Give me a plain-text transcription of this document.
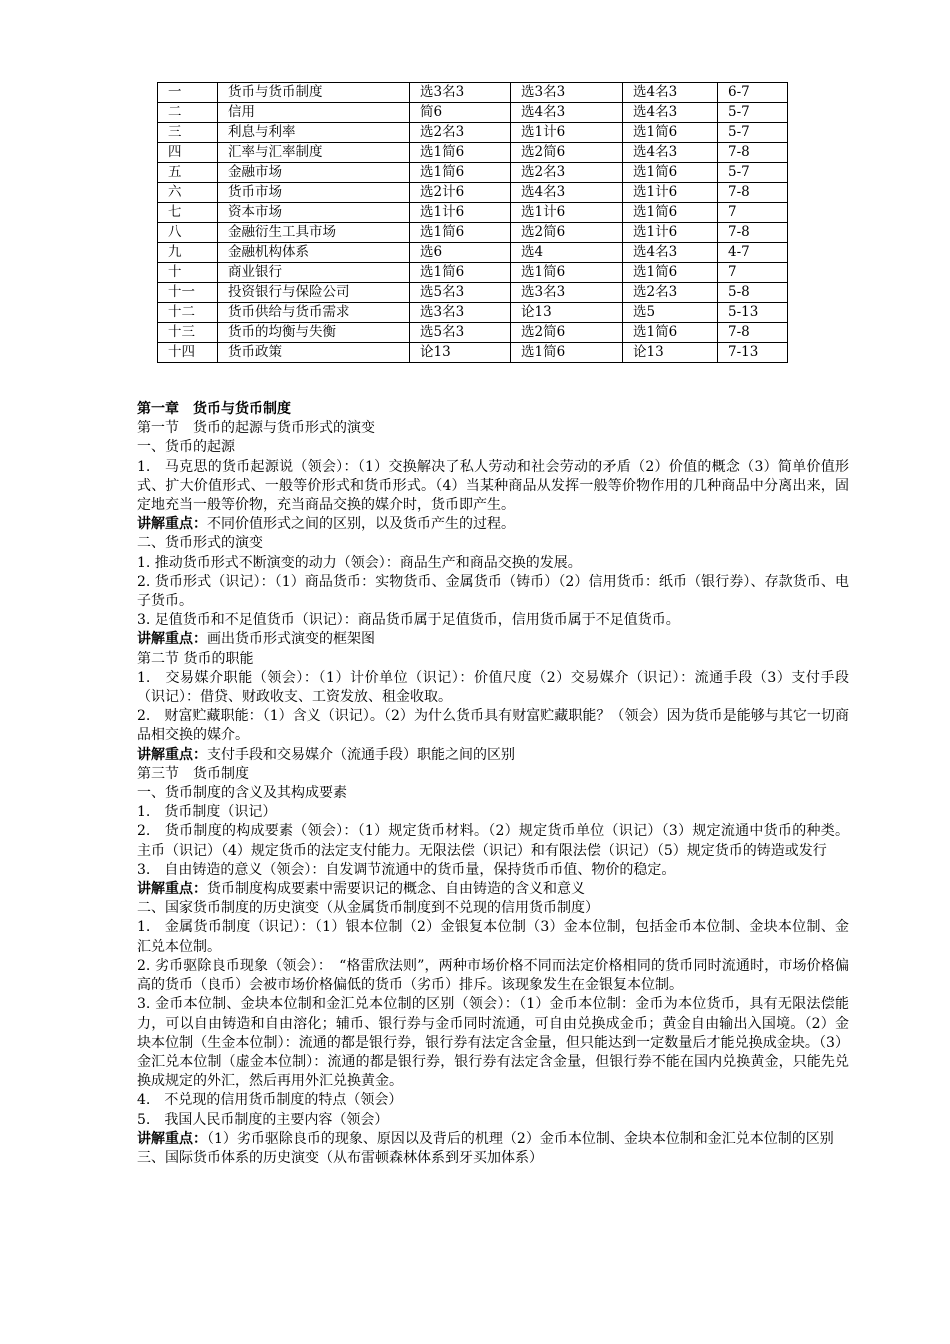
一	货币与货币制度	选3名3	选3名3	选4名3	6-7
二	信用	简6	选4名3	选4名3	5-7
三	利息与利率	选2名3	选1计6	选1简6	5-7
四	汇率与汇率制度	选1简6	选2简6	选4名3	7-8
五	金融市场	选1简6	选2名3	选1简6	5-7
六	货币市场	选2计6	选4名3	选1计6	7-8
七	资本市场	选1计6	选1计6	选1简6	7
八	金融衍生工具市场	选1简6	选2简6	选1计6	7-8
九	金融机构体系	选6	选4	选4名3	4-7
十	商业银行	选1简6	选1简6	选1简6	7
十一	投资银行与保险公司	选5名3	选3名3	选2名3	5-8
十二	货币供给与货币需求	选3名3	论13	选5	5-13
十三	货币的均衡与失衡	选5名3	选2简6	选1简6	7-8
十四	货币政策	论13	选1简6	论13	7-13

第一章　货币与货币制度

第一节　货币的起源与货币形式的演变

一、货币的起源

1.　马克思的货币起源说（领会）：（1）交换解决了私人劳动和社会劳动的矛盾（2）价值的概念（3）简单价值形式、扩大价值形式、一般等价形式和货币形式。（4）当某种商品从发挥一般等价物作用的几种商品中分离出来，固定地充当一般等价物，充当商品交换的媒介时，货币即产生。

讲解重点：不同价值形式之间的区别，以及货币产生的过程。

二、货币形式的演变

1. 推动货币形式不断演变的动力（领会）：商品生产和商品交换的发展。

2. 货币形式（识记）：（1）商品货币：实物货币、金属货币（铸币）（2）信用货币：纸币（银行券）、存款货币、电子货币。

3. 足值货币和不足值货币（识记）：商品货币属于足值货币，信用货币属于不足值货币。

讲解重点：画出货币形式演变的框架图

第二节 货币的职能

1.　交易媒介职能（领会）：（1）计价单位（识记）：价值尺度（2）交易媒介（识记）：流通手段（3）支付手段（识记）：借贷、财政收支、工资发放、租金收取。

2.　财富贮藏职能：（1）含义（识记）。（2）为什么货币具有财富贮藏职能？（领会）因为货币是能够与其它一切商品相交换的媒介。

讲解重点：支付手段和交易媒介（流通手段）职能之间的区别

第三节　货币制度

一、货币制度的含义及其构成要素

1.　货币制度（识记）

2.　货币制度的构成要素（领会）：（1）规定货币材料。（2）规定货币单位（识记）（3）规定流通中货币的种类。主币（识记）（4）规定货币的法定支付能力。无限法偿（识记）和有限法偿（识记）（5）规定货币的铸造或发行

3.　自由铸造的意义（领会）：自发调节流通中的货币量，保持货币币值、物价的稳定。

讲解重点：货币制度构成要素中需要识记的概念、自由铸造的含义和意义

二、国家货币制度的历史演变（从金属货币制度到不兑现的信用货币制度）

1.　金属货币制度（识记）：（1）银本位制（2）金银复本位制（3）金本位制，包括金币本位制、金块本位制、金汇兑本位制。

2. 劣币驱除良币现象（领会）：　“格雷欣法则”，两种市场价格不同而法定价格相同的货币同时流通时，市场价格偏高的货币（良币）会被市场价格偏低的货币（劣币）排斥。该现象发生在金银复本位制。

3. 金币本位制、金块本位制和金汇兑本位制的区别（领会）：（1）金币本位制：金币为本位货币，具有无限法偿能力，可以自由铸造和自由溶化；辅币、银行券与金币同时流通，可自由兑换成金币；黄金自由输出入国境。（2）金块本位制（生金本位制）：流通的都是银行券，银行券有法定含金量，但只能达到一定数量后才能兑换成金块。（3）金汇兑本位制（虚金本位制）：流通的都是银行券，银行券有法定含金量，但银行券不能在国内兑换黄金，只能先兑换成规定的外汇，然后再用外汇兑换黄金。

4.　不兑现的信用货币制度的特点（领会）

5.　我国人民币制度的主要内容（领会）

讲解重点：（1）劣币驱除良币的现象、原因以及背后的机理（2）金币本位制、金块本位制和金汇兑本位制的区别

三、国际货币体系的历史演变（从布雷顿森林体系到牙买加体系）
